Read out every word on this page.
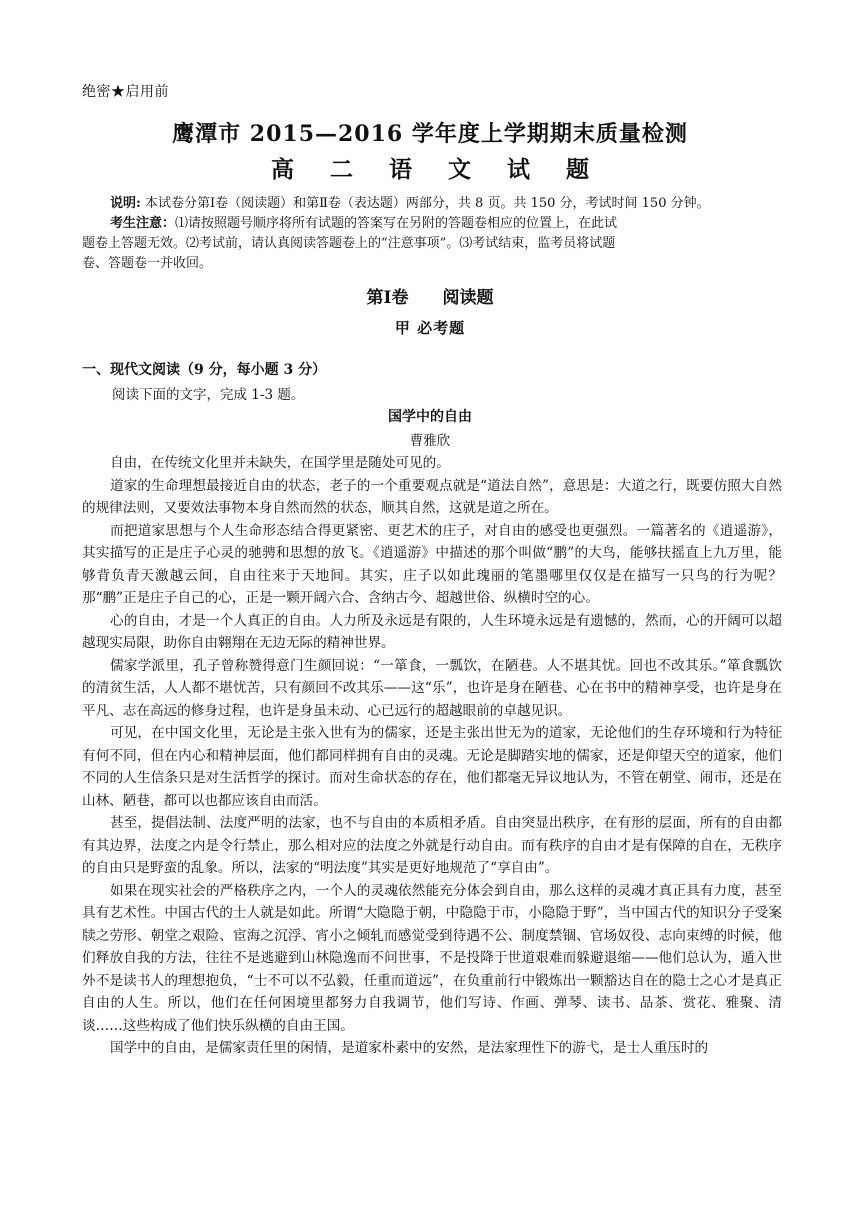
绝密★启用前
鹰潭市 2015—2016 学年度上学期期末质量检测
高 二 语 文 试 题

说明: 本试卷分第Ⅰ卷（阅读题）和第Ⅱ卷（表达题）两部分，共 8 页。共 150 分，考试时间 150 分钟。

考生注意：⑴请按照题号顺序将所有试题的答案写在另附的答题卷相应的位置上，在此试

题卷上答题无效。⑵考试前，请认真阅读答题卷上的“注意事项”。⑶考试结束，监考员将试题

卷、答题卷一并收回。

第Ⅰ卷 阅读题
甲 必考题
一、现代文阅读（9 分，每小题 3 分）
阅读下面的文字，完成 1-3 题。
国学中的自由
曹雅欣

自由，在传统文化里并未缺失，在国学里是随处可见的。

道家的生命理想最接近自由的状态，老子的一个重要观点就是“道法自然”，意思是：大道之行，既要仿照大自然的规律法则，又要效法事物本身自然而然的状态，顺其自然，这就是道之所在。

而把道家思想与个人生命形态结合得更紧密、更艺术的庄子，对自由的感受也更强烈。一篇著名的《逍遥游》，其实描写的正是庄子心灵的驰骋和思想的放飞。《逍遥游》中描述的那个叫做“鹏”的大鸟，能够扶摇直上九万里，能够背负青天激越云间，自由往来于天地间。其实，庄子以如此瑰丽的笔墨哪里仅仅是在描写一只鸟的行为呢？那“鹏”正是庄子自己的心，正是一颗开阔六合、含纳古今、超越世俗、纵横时空的心。

心的自由，才是一个人真正的自由。人力所及永远是有限的，人生环境永远是有遗憾的，然而，心的开阔可以超越现实局限，助你自由翱翔在无边无际的精神世界。

儒家学派里，孔子曾称赞得意门生颜回说：“一箪食，一瓢饮，在陋巷。人不堪其忧。回也不改其乐。”箪食瓢饮的清贫生活，人人都不堪忧苦，只有颜回不改其乐——这“乐”，也许是身在陋巷、心在书中的精神享受，也许是身在平凡、志在高远的修身过程，也许是身虽未动、心已远行的超越眼前的卓越见识。

可见，在中国文化里，无论是主张入世有为的儒家，还是主张出世无为的道家，无论他们的生存环境和行为特征有何不同，但在内心和精神层面，他们都同样拥有自由的灵魂。无论是脚踏实地的儒家，还是仰望天空的道家，他们不同的人生信条只是对生活哲学的探讨。而对生命状态的存在，他们都毫无异议地认为，不管在朝堂、闹市，还是在山林、陋巷，都可以也都应该自由而活。

甚至，提倡法制、法度严明的法家，也不与自由的本质相矛盾。自由突显出秩序，在有形的层面，所有的自由都有其边界，法度之内是令行禁止，那么相对应的法度之外就是行动自由。而有秩序的自由才是有保障的自在，无秩序的自由只是野蛮的乱象。所以，法家的“明法度”其实是更好地规范了“享自由”。

如果在现实社会的严格秩序之内，一个人的灵魂依然能充分体会到自由，那么这样的灵魂才真正具有力度，甚至具有艺术性。中国古代的士人就是如此。所谓“大隐隐于朝，中隐隐于市，小隐隐于野”，当中国古代的知识分子受案牍之劳形、朝堂之艰险、宦海之沉浮、宵小之倾轧而感觉受到待遇不公、制度禁锢、官场奴役、志向束缚的时候，他们释放自我的方法，往往不是逃避到山林隐逸而不问世事，不是投降于世道艰难而躲避退缩——他们总认为，遁入世外不是读书人的理想抱负，“士不可以不弘毅，任重而道远”，在负重前行中锻炼出一颗豁达自在的隐士之心才是真正自由的人生。所以，他们在任何困境里都努力自我调节，他们写诗、作画、弹琴、读书、品茶、赏花、雅聚、清谈……这些构成了他们快乐纵横的自由王国。

国学中的自由，是儒家责任里的闲情，是道家朴素中的安然，是法家理性下的游弋，是士人重压时的
